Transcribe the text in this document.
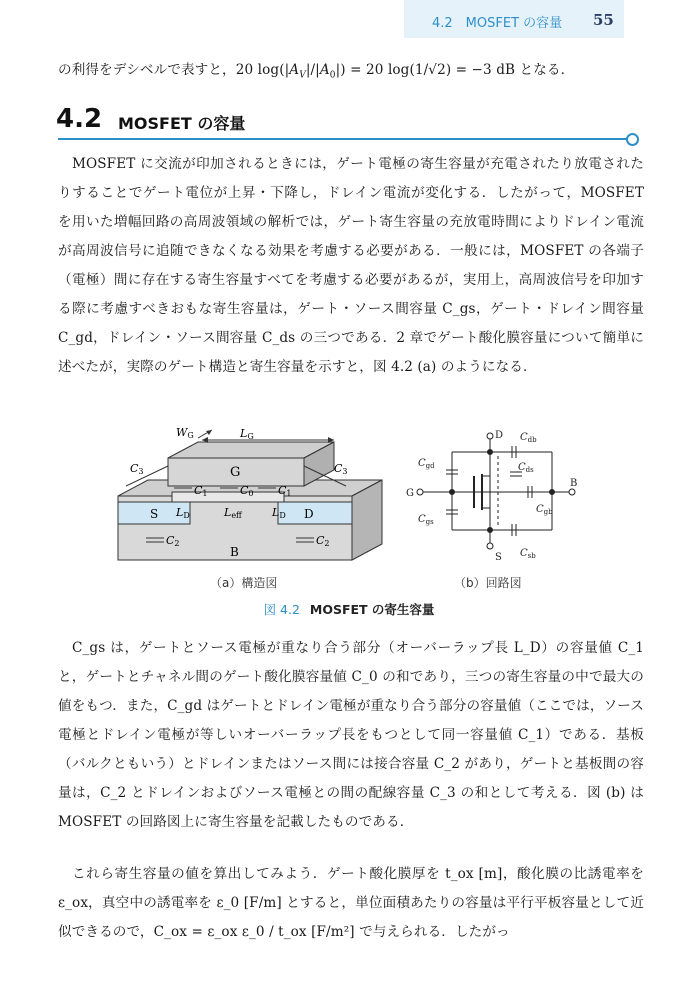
4.2　MOSFET の容量 55

の利得をデシベルで表すと，20 $\log(|A_V|/|A_0|) = 20$ log(1/√2) = −3 dB となる．

4.2 MOSFET の容量

MOSFET に交流が印加されるときには，ゲート電極の寄生容量が充電されたり放電されたりすることでゲート電位が上昇・下降し，ドレイン電流が変化する．したがって，MOSFET を用いた増幅回路の高周波領域の解析では，ゲート寄生容量の充放電時間によりドレイン電流が高周波信号に追随できなくなる効果を考慮する必要がある．一般には，MOSFET の各端子（電極）間に存在する寄生容量すべてを考慮する必要があるが，実用上，高周波信号を印加する際に考慮すべきおもな寄生容量は，ゲート・ソース間容量 C_gs，ゲート・ドレイン間容量 C_gd，ドレイン・ソース間容量 C_ds の三つである．2 章でゲート酸化膜容量について簡単に述べたが，実際のゲート構造と寄生容量を示すと，図 4.2 (a) のようになる．

WG	LG
G
C3	C3
C1	C0 C1
S LD	Leff	LD D
C2	C2
B
D $C_{db}$
$C_{gd}$	$C_{ds}$
G
B
$C_{gs}$
$C_{gb}$
S $C_{sb}$
（a）構造図	（b）回路図
図 4.2 MOSFET の寄生容量

C_gs は，ゲートとソース電極が重なり合う部分（オーバーラップ長 L_D）の容量値 C_1 と，ゲートとチャネル間のゲート酸化膜容量値 C_0 の和であり，三つの寄生容量の中で最大の値をもつ．また，C_gd はゲートとドレイン電極が重なり合う部分の容量値（ここでは，ソース電極とドレイン電極が等しいオーバーラップ長をもつとして同一容量値 C_1）である．基板（バルクともいう）とドレインまたはソース間には接合容量 C_2 があり，ゲートと基板間の容量は，C_2 とドレインおよびソース電極との間の配線容量 C_3 の和として考える．図 (b) は MOSFET の回路図上に寄生容量を記載したものである．

これら寄生容量の値を算出してみよう．ゲート酸化膜厚を t_ox [m]，酸化膜の比誘電率を ε_ox，真空中の誘電率を ε_0 [F/m] とすると，単位面積あたりの容量は平行平板容量として近似できるので，C_ox = ε_ox ε_0 / t_ox [F/m²] で与えられる．したがっ
